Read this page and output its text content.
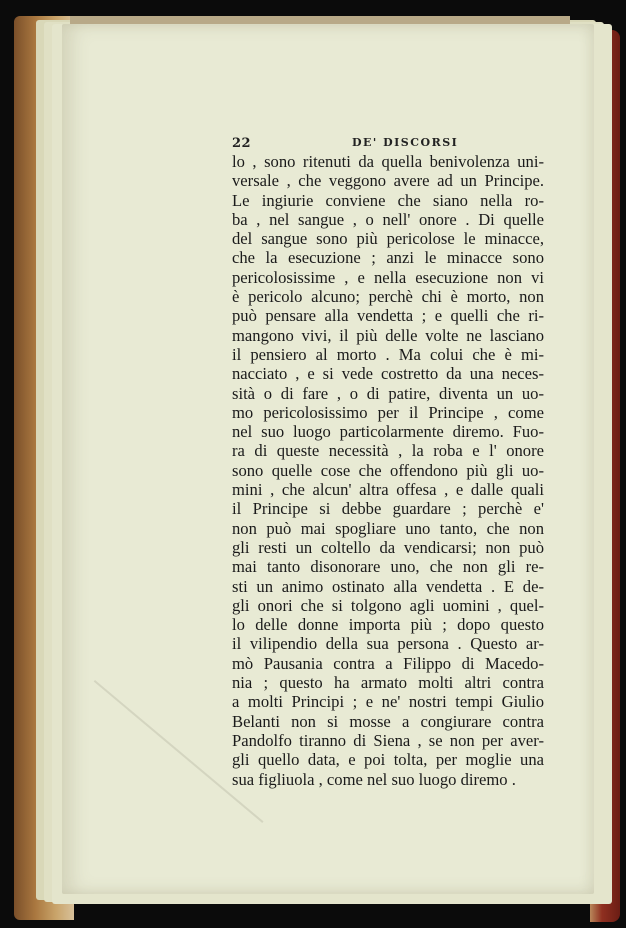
22	DE' DISCORSI
lo , sono ritenuti da quella benivolenza uni-
versale , che veggono avere ad un Principe.
Le ingiurie conviene che siano nella ro-
ba , nel sangue , o nell' onore . Di quelle
del sangue sono più pericolose le minacce,
che la esecuzione ; anzi le minacce sono
pericolosissime , e nella esecuzione non vi
è pericolo alcuno; perchè chi è morto, non
può pensare alla vendetta ; e quelli che ri-
mangono vivi, il più delle volte ne lasciano
il pensiero al morto . Ma colui che è mi-
nacciato , e si vede costretto da una neces-
sità o di fare , o di patire, diventa un uo-
mo pericolosissimo per il Principe , come
nel suo luogo particolarmente diremo. Fuo-
ra di queste necessità , la roba e l' onore
sono quelle cose che offendono più gli uo-
mini , che alcun' altra offesa , e dalle quali
il Principe si debbe guardare ; perchè e'
non può mai spogliare uno tanto, che non
gli resti un coltello da vendicarsi; non può
mai tanto disonorare uno, che non gli re-
sti un animo ostinato alla vendetta . E de-
gli onori che si tolgono agli uomini , quel-
lo delle donne importa più ; dopo questo
il vilipendio della sua persona . Questo ar-
mò Pausania contra a Filippo di Macedo-
nia ; questo ha armato molti altri contra
a molti Principi ; e ne' nostri tempi Giulio
Belanti non si mosse a congiurare contra
Pandolfo tiranno di Siena , se non per aver-
gli quello data, e poi tolta, per moglie una
sua figliuola , come nel suo luogo diremo .
